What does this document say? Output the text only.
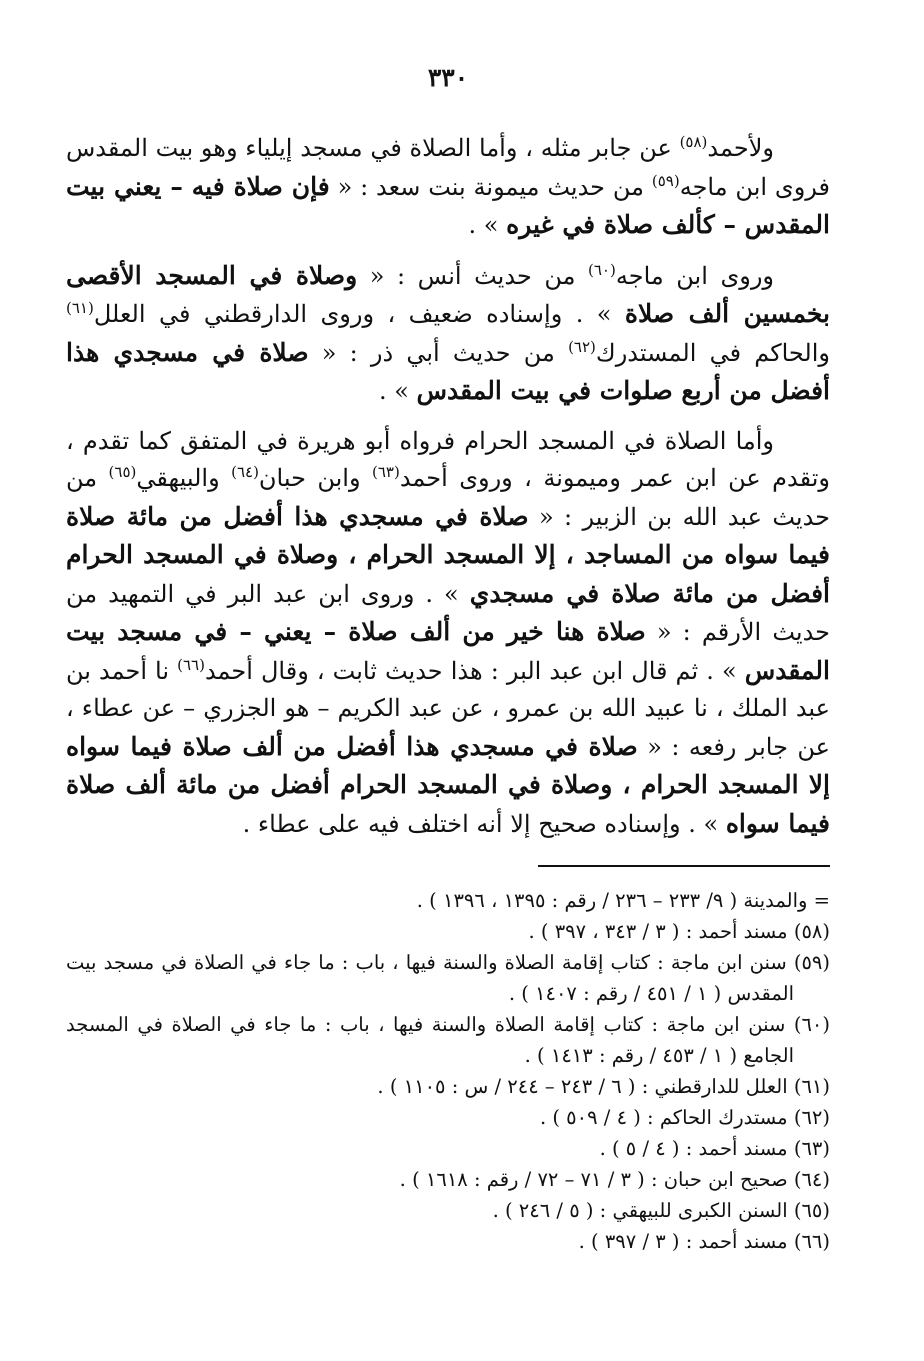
٣٣٠

ولأحمد$^{(٥٨)}$ عن جابر مثله ، وأما الصلاة في مسجد إيلياء وهو بيت المقدس فروى ابن ماجه$^{(٥٩)}$ من حديث ميمونة بنت سعد : « فإن صلاة فيه – يعني بيت المقدس – كألف صلاة في غيره » .

وروى ابن ماجه$^{(٦٠)}$ من حديث أنس : « وصلاة في المسجد الأقصى بخمسين ألف صلاة » . وإسناده ضعيف ، وروى الدارقطني في العلل$^{(٦١)}$ والحاكم في المستدرك$^{(٦٢)}$ من حديث أبي ذر : « صلاة في مسجدي هذا أفضل من أربع صلوات في بيت المقدس » .

وأما الصلاة في المسجد الحرام فرواه أبو هريرة في المتفق كما تقدم ، وتقدم عن ابن عمر وميمونة ، وروى أحمد$^{(٦٣)}$ وابن حبان$^{(٦٤)}$ والبيهقي$^{(٦٥)}$ من حديث عبد الله بن الزبير : « صلاة في مسجدي هذا أفضل من مائة صلاة فيما سواه من المساجد ، إلا المسجد الحرام ، وصلاة في المسجد الحرام أفضل من مائة صلاة في مسجدي » . وروى ابن عبد البر في التمهيد من حديث الأرقم : « صلاة هنا خير من ألف صلاة – يعني – في مسجد بيت المقدس » . ثم قال ابن عبد البر : هذا حديث ثابت ، وقال أحمد$^{(٦٦)}$ نا أحمد بن عبد الملك ، نا عبيد الله بن عمرو ، عن عبد الكريم – هو الجزري – عن عطاء ، عن جابر رفعه : « صلاة في مسجدي هذا أفضل من ألف صلاة فيما سواه إلا المسجد الحرام ، وصلاة في المسجد الحرام أفضل من مائة ألف صلاة فيما سواه » . وإسناده صحيح إلا أنه اختلف فيه على عطاء .

= والمدينة ( ٩/ ٢٣٣ – ٢٣٦ / رقم : ١٣٩٥ ، ١٣٩٦ ) .
(٥٨) مسند أحمد : ( ٣ / ٣٤٣ ، ٣٩٧ ) .
(٥٩) سنن ابن ماجة : كتاب إقامة الصلاة والسنة فيها ، باب : ما جاء في الصلاة في مسجد بيت المقدس ( ١ / ٤٥١ / رقم : ١٤٠٧ ) .
(٦٠) سنن ابن ماجة : كتاب إقامة الصلاة والسنة فيها ، باب : ما جاء في الصلاة في المسجد الجامع ( ١ / ٤٥٣ / رقم : ١٤١٣ ) .
(٦١) العلل للدارقطني : ( ٦ / ٢٤٣ – ٢٤٤ / س : ١١٠٥ ) .
(٦٢) مستدرك الحاكم : ( ٤ / ٥٠٩ ) .
(٦٣) مسند أحمد : ( ٤ / ٥ ) .
(٦٤) صحيح ابن حبان : ( ٣ / ٧١ – ٧٢ / رقم : ١٦١٨ ) .
(٦٥) السنن الكبرى للبيهقي : ( ٥ / ٢٤٦ ) .
(٦٦) مسند أحمد : ( ٣ / ٣٩٧ ) .
